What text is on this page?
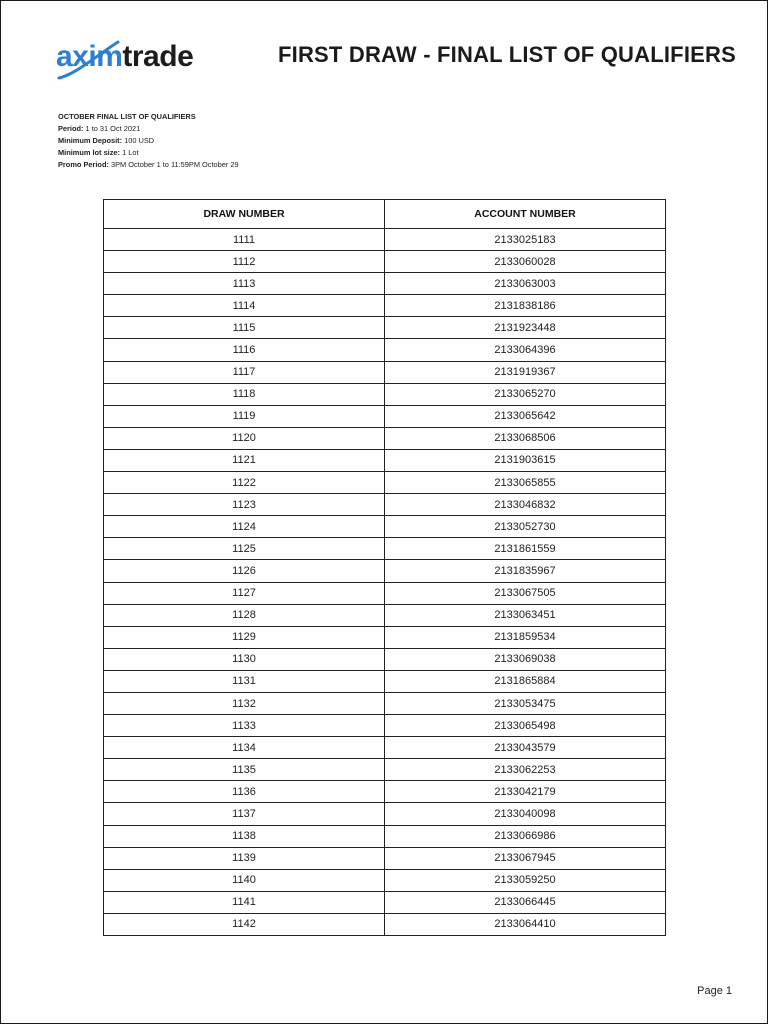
aximtrade	FIRST DRAW - FINAL LIST OF QUALIFIERS
OCTOBER FINAL LIST OF QUALIFIERS
Period: 1 to 31 Oct 2021
Minimum Deposit: 100 USD
Minimum lot size: 1 Lot
Promo Period: 3PM October 1 to 11:59PM October 29
DRAW NUMBER	ACCOUNT NUMBER
1111	2133025183
1112	2133060028
1113	2133063003
1114	2131838186
1115	2131923448
1116	2133064396
1117	2131919367
1118	2133065270
1119	2133065642
1120	2133068506
1121	2131903615
1122	2133065855
1123	2133046832
1124	2133052730
1125	2131861559
1126	2131835967
1127	2133067505
1128	2133063451
1129	2131859534
1130	2133069038
1131	2131865884
1132	2133053475
1133	2133065498
1134	2133043579
1135	2133062253
1136	2133042179
1137	2133040098
1138	2133066986
1139	2133067945
1140	2133059250
1141	2133066445
1142	2133064410
Page 1
